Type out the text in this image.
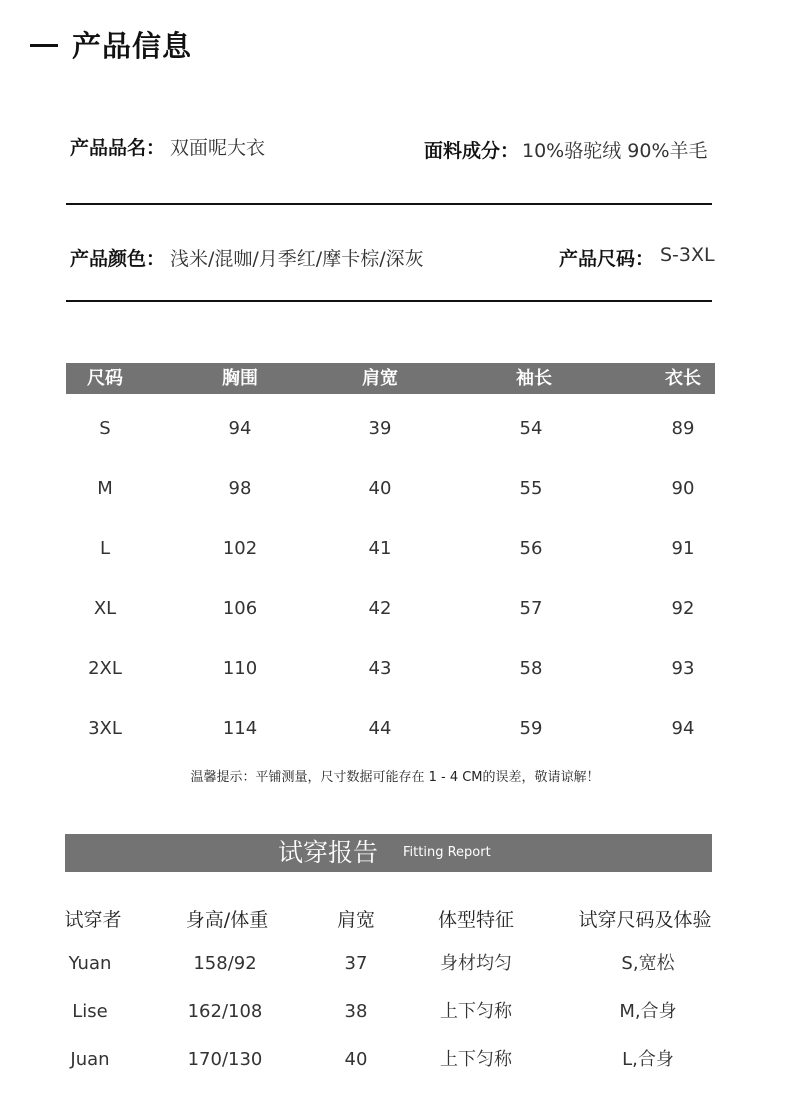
产品信息
产品品名： 双面呢大衣	面料成分： 10%骆驼绒 90%羊毛
产品颜色： 浅米/混咖/月季红/摩卡棕/深灰	产品尺码： S-3XL
尺码	胸围	肩宽	袖长	衣长
S	94	39	54	89
M	98	40	55	90
L	102	41	56	91
XL	106	42	57	92
2XL	110	43	58	93
3XL	114	44	59	94
温馨提示：平铺测量，尺寸数据可能存在 1 - 4 CM的误差，敬请谅解！
试穿报告 Fitting Report
试穿者	身高/体重	肩宽	体型特征	试穿尺码及体验
Yuan	158/92	37	身材均匀	S,宽松
Lise	162/108	38	上下匀称	M,合身
Juan	170/130	40	上下匀称	L,合身
